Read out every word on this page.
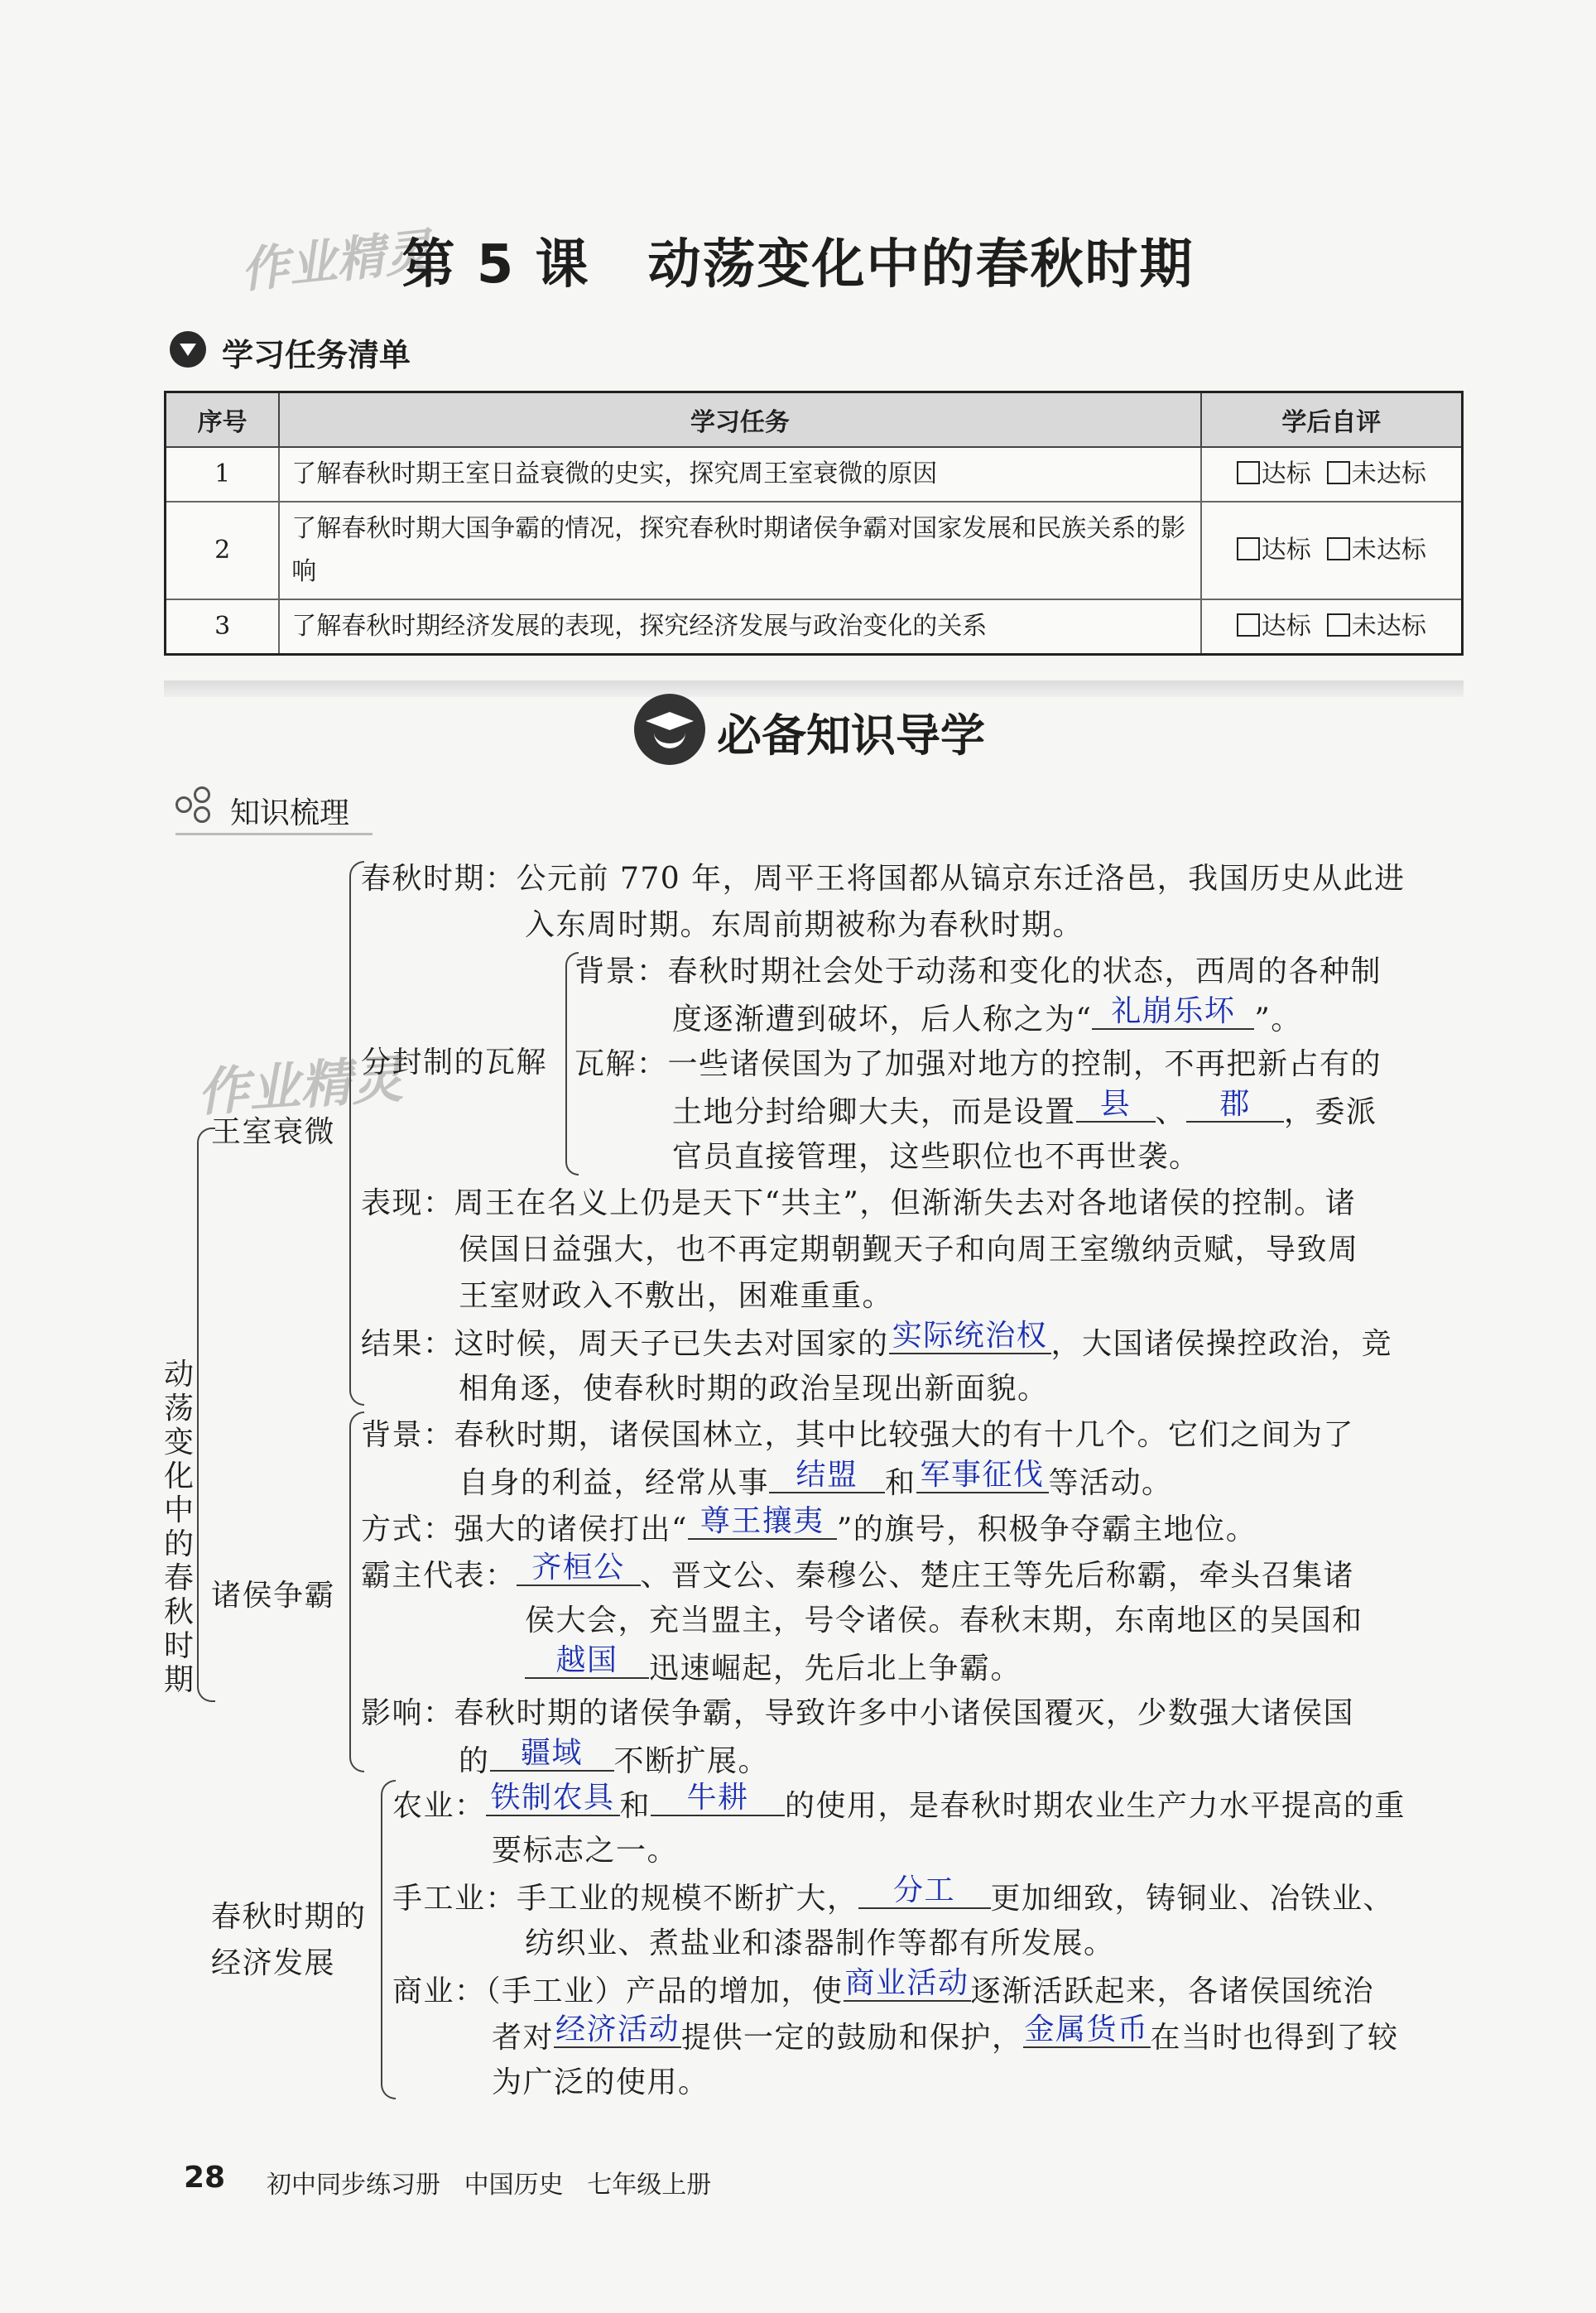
作业精灵
作业精灵
第 5 课 动荡变化中的春秋时期
学习任务清单
序号	学习任务	学后自评
1	了解春秋时期王室日益衰微的史实，探究周王室衰微的原因	达标 未达标
2	了解春秋时期大国争霸的情况，探究春秋时期诸侯争霸对国家发展和民族关系的影响	达标 未达标
3	了解春秋时期经济发展的表现，探究经济发展与政治变化的关系	达标 未达标
必备知识导学
知识梳理
动荡变化中的春秋时期
王室衰微
春秋时期：公元前 770 年，周平王将国都从镐京东迁洛邑，我国历史从此进
入东周时期。东周前期被称为春秋时期。
分封制的瓦解
背景：春秋时期社会处于动荡和变化的状态，西周的各种制
度逐渐遭到破坏，后人称之为“ 礼崩乐坏 ”。
瓦解：一些诸侯国为了加强对地方的控制，不再把新占有的
土地分封给卿大夫，而是设置 县 、 郡 ，委派
官员直接管理，这些职位也不再世袭。
表现：周王在名义上仍是天下“共主”，但渐渐失去对各地诸侯的控制。诸
侯国日益强大，也不再定期朝觐天子和向周王室缴纳贡赋，导致周
王室财政入不敷出，困难重重。
结果：这时候，周天子已失去对国家的 实际统治权 ，大国诸侯操控政治，竞
相角逐，使春秋时期的政治呈现出新面貌。
诸侯争霸
背景：春秋时期，诸侯国林立，其中比较强大的有十几个。它们之间为了
自身的利益，经常从事 结盟 和 军事征伐 等活动。
方式：强大的诸侯打出“ 尊王攘夷 ”的旗号，积极争夺霸主地位。
霸主代表： 齐桓公 、晋文公、秦穆公、楚庄王等先后称霸，牵头召集诸
侯大会，充当盟主，号令诸侯。春秋末期，东南地区的吴国和
越国 迅速崛起，先后北上争霸。
影响：春秋时期的诸侯争霸，导致许多中小诸侯国覆灭，少数强大诸侯国
的 疆域 不断扩展。
春秋时期的
经济发展
农业： 铁制农具 和 牛耕 的使用，是春秋时期农业生产力水平提高的重
要标志之一。
手工业：手工业的规模不断扩大， 分工 更加细致，铸铜业、冶铁业、
纺织业、煮盐业和漆器制作等都有所发展。
商业：（手工业）产品的增加，使商业活动逐渐活跃起来，各诸侯国统治
者对经济活动提供一定的鼓励和保护，金属货币在当时也得到了较
为广泛的使用。
28 初中同步练习册 中国历史 七年级上册
